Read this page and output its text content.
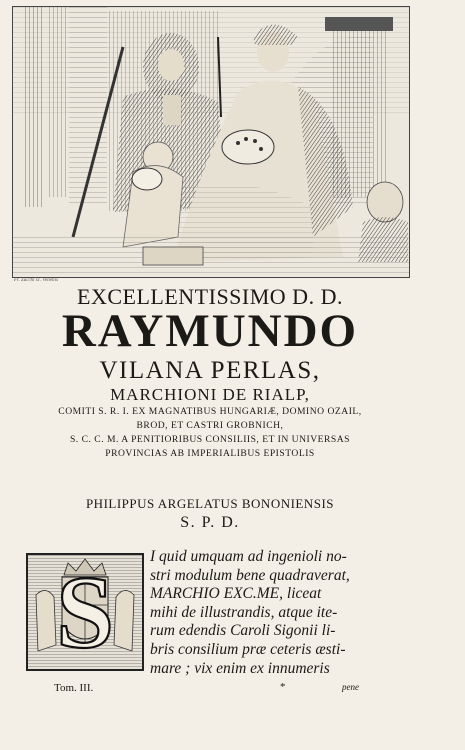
Fr. Zucchi sc. Venetiis
EXCELLENTISSIMO D. D.
RAYMUNDO
VILANA PERLAS,
MARCHIONI DE RIALP,
COMITI S. R. I. EX MAGNATIBUS HUNGARIÆ, DOMINO OZAIL,
BROD, ET CASTRI GROBNICH,
S. C. C. M. A PENITIORIBUS CONSILIIS, ET IN UNIVERSAS
PROVINCIAS AB IMPERIALIBUS EPISTOLIS
PHILIPPUS ARGELATUS BONONIENSIS
S. P. D.
S I quid umquam ad ingenioli no-
stri modulum bene quadraverat,
MARCHIO EXC.ME, liceat
mihi de illustrandis, atque ite-
rum edendis Caroli Sigonii li-
bris consilium præ ceteris æsti-
mare ; vix enim ex innumeris
Tom. III.	*	pene
